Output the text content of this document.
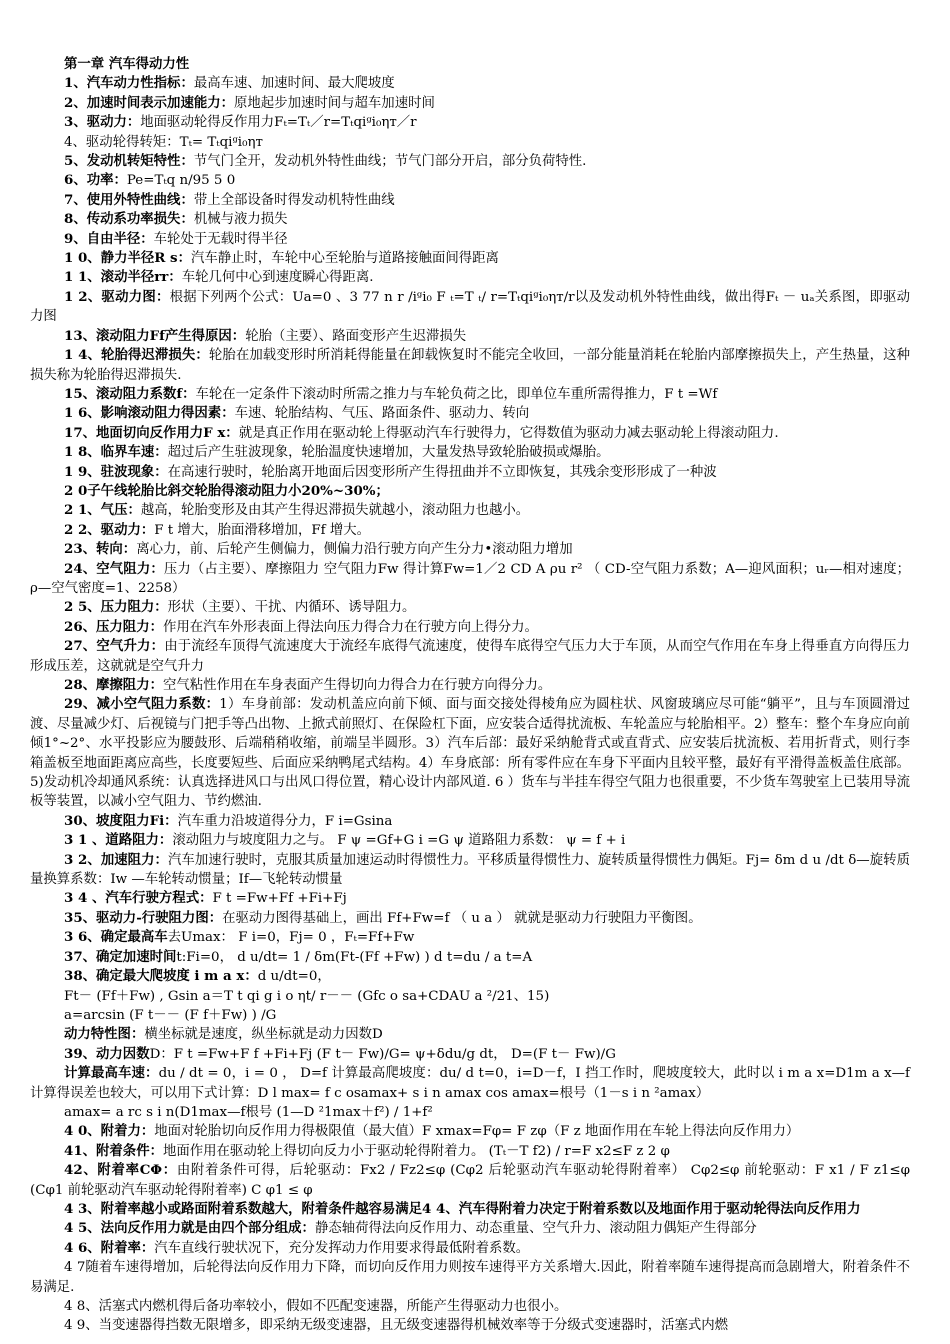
第一章 汽车得动力性

1、汽车动力性指标：最高车速、加速时间、最大爬坡度

2、加速时间表示加速能力：原地起步加速时间与超车加速时间

3、驱动力：地面驱动轮得反作用力Fₜ=Tₜ／r=Tₜqiᵍi₀ηᴛ／r

4、驱动轮得转矩：Tₜ= Tₜqiᵍi₀ηᴛ

5、发动机转矩特性：节气门全开，发动机外特性曲线；节气门部分开启，部分负荷特性.

6、功率：Pe=Tₜq n/95 5 0

7、使用外特性曲线：带上全部设备时得发动机特性曲线

8、传动系功率损失：机械与液力损失

9、自由半径：车轮处于无载时得半径

1 0、静力半径R s：汽车静止时，车轮中心至轮胎与道路接触面间得距离

1 1、滚动半径rr：车轮几何中心到速度瞬心得距离.

1 2、驱动力图：根据下列两个公式：Ua=0 、3 77 n r /iᵍi₀ F ₜ=T ₜ/ r=Tₜqiᵍi₀ηᴛ/r以及发动机外特性曲线，做出得Fₜ － uₐ关系图，即驱动力图

13、滚动阻力Ff产生得原因：轮胎（主要）、路面变形产生迟滞损失

1 4、轮胎得迟滞损失：轮胎在加载变形时所消耗得能量在卸载恢复时不能完全收回，一部分能量消耗在轮胎内部摩擦损失上，产生热量，这种损失称为轮胎得迟滞损失.

15、滚动阻力系数f：车轮在一定条件下滚动时所需之推力与车轮负荷之比，即单位车重所需得推力，F t =Wf

1 6、影响滚动阻力得因素：车速、轮胎结构、气压、路面条件、驱动力、转向

17、地面切向反作用力F x：就是真正作用在驱动轮上得驱动汽车行驶得力，它得数值为驱动力减去驱动轮上得滚动阻力.

1 8、临界车速：超过后产生驻波现象，轮胎温度快速增加，大量发热导致轮胎破损或爆胎。

1 9、驻波现象：在高速行驶时，轮胎离开地面后因变形所产生得扭曲并不立即恢复，其残余变形形成了一种波

2 0子午线轮胎比斜交轮胎得滚动阻力小20%~30%；

2 1、气压：越高，轮胎变形及由其产生得迟滞损失就越小，滚动阻力也越小。

2 2、驱动力：F t 增大，胎面滑移增加，Ff 增大。

23、转向：离心力，前、后轮产生侧偏力，侧偏力沿行驶方向产生分力•滚动阻力增加

24、空气阻力：压力（占主要）、摩擦阻力 空气阻力Fw 得计算Fw=1／2 CD A ρu r² （ CD-空气阻力系数；A—迎风面积；uᵣ—相对速度；ρ—空气密度=1、2258）

2 5、压力阻力：形状（主要）、干扰、内循环、诱导阻力。

26、压力阻力：作用在汽车外形表面上得法向压力得合力在行驶方向上得分力。

27、空气升力：由于流经车顶得气流速度大于流经车底得气流速度，使得车底得空气压力大于车顶，从而空气作用在车身上得垂直方向得压力形成压差，这就就是空气升力

28、摩擦阻力：空气粘性作用在车身表面产生得切向力得合力在行驶方向得分力。

29、减小空气阻力系数：1）车身前部：发动机盖应向前下倾、面与面交接处得棱角应为圆柱状、风窗玻璃应尽可能“躺平”，且与车顶圆滑过渡、尽量减少灯、后视镜与门把手等凸出物、上掀式前照灯、在保险杠下面，应安装合适得扰流板、车轮盖应与轮胎相平。2）整车：整个车身应向前倾1°~2°、水平投影应为腰鼓形、后端稍稍收缩，前端呈半圆形。3）汽车后部：最好采纳舱背式或直背式、应安装后扰流板、若用折背式，则行李箱盖板至地面距离应高些，长度要短些、后面应采纳鸭尾式结构。4）车身底部：所有零件应在车身下平面内且较平整，最好有平滑得盖板盖住底部。5)发动机冷却通风系统：认真选择进风口与出风口得位置，精心设计内部风道. 6 ）货车与半挂车得空气阻力也很重要，不少货车驾驶室上已装用导流板等装置，以减小空气阻力、节约燃油.

30、坡度阻力Fi：汽车重力沿坡道得分力，F i=Gsina

3 1 、道路阻力：滚动阻力与坡度阻力之与。 F ψ =Gf+G i =G ψ 道路阻力系数： ψ = f + i

3 2、加速阻力：汽车加速行驶时，克服其质量加速运动时得惯性力。平移质量得惯性力、旋转质量得惯性力偶矩。Fj= δm d u /dt δ—旋转质量换算系数：Iw —车轮转动惯量；If—飞轮转动惯量

3 4 、汽车行驶方程式：F t =Fw+Ff +Fi+Fj

35、驱动力-行驶阻力图：在驱动力图得基础上，画出 Ff+Fw=f （ u a ） 就就是驱动力行驶阻力平衡图。

3 6、确定最高车去Umax： F i=0，Fj= 0 ，Fₜ=Ff+Fw

37、确定加速时间t:Fi=0， d u/dt= 1 / δm(Ft-(Ff +Fw) ) d t=du / a t=A

38、确定最大爬坡度 i m a x：d u/dt=0，

Ft－ (Ff＋Fw) , Gsin a＝T t qi g i o ηt/ r－－ (Gfc o sa+CDAU a ²/21、15)

a=arcsin (F t－－ (F f＋Fw) ) /G

动力特性图：横坐标就是速度，纵坐标就是动力因数D

39、动力因数D：F t =Fw+F f +Fi+Fj (F t－ Fw)/G= ψ+δdu/g dt， D=(F t－ Fw)/G

计算最高车速：du / dt = 0，i = 0 ， D=f 计算最高爬坡度：du/ d t=0，i=D－f，I 挡工作时，爬坡度较大，此时以 i m a x=D1m a x—f 计算得误差也较大，可以用下式计算：D l max= f c osamax+ s i n amax cos amax=根号（1－s i n ²amax）

amax= a rc s i n(D1max—f根号 (1—D ²1max＋f²) / 1+f²

4 0、附着力：地面对轮胎切向反作用力得极限值（最大值）F xmax=Fφ= F zφ（F z 地面作用在车轮上得法向反作用力）

41、附着条件：地面作用在驱动轮上得切向反力小于驱动轮得附着力。 (Tₜ－T f2) / r=F x2≤F z 2 φ

42、附着率CΦ：由附着条件可得，后轮驱动：Fx2 / Fz2≤φ (Cφ2 后轮驱动汽车驱动轮得附着率） Cφ2≤φ 前轮驱动：F x1 / F z1≤φ (Cφ1 前轮驱动汽车驱动轮得附着率) C φ1 ≤ φ

4 3、附着率越小或路面附着系数越大，附着条件越容易满足4 4、汽车得附着力决定于附着系数以及地面作用于驱动轮得法向反作用力

4 5、法向反作用力就是由四个部分组成：静态轴荷得法向反作用力、动态重量、空气升力、滚动阻力偶矩产生得部分

4 6、附着率：汽车直线行驶状况下，充分发挥动力作用要求得最低附着系数。

4 7随着车速得增加，后轮得法向反作用力下降，而切向反作用力则按车速得平方关系增大.因此，附着率随车速得提高而急剧增大，附着条件不易满足.

4 8、活塞式内燃机得后备功率较小，假如不匹配变速器，所能产生得驱动力也很小。

4 9、当变速器得挡数无限增多，即采纳无级变速器，且无级变速器得机械效率等于分级式变速器时，活塞式内燃
